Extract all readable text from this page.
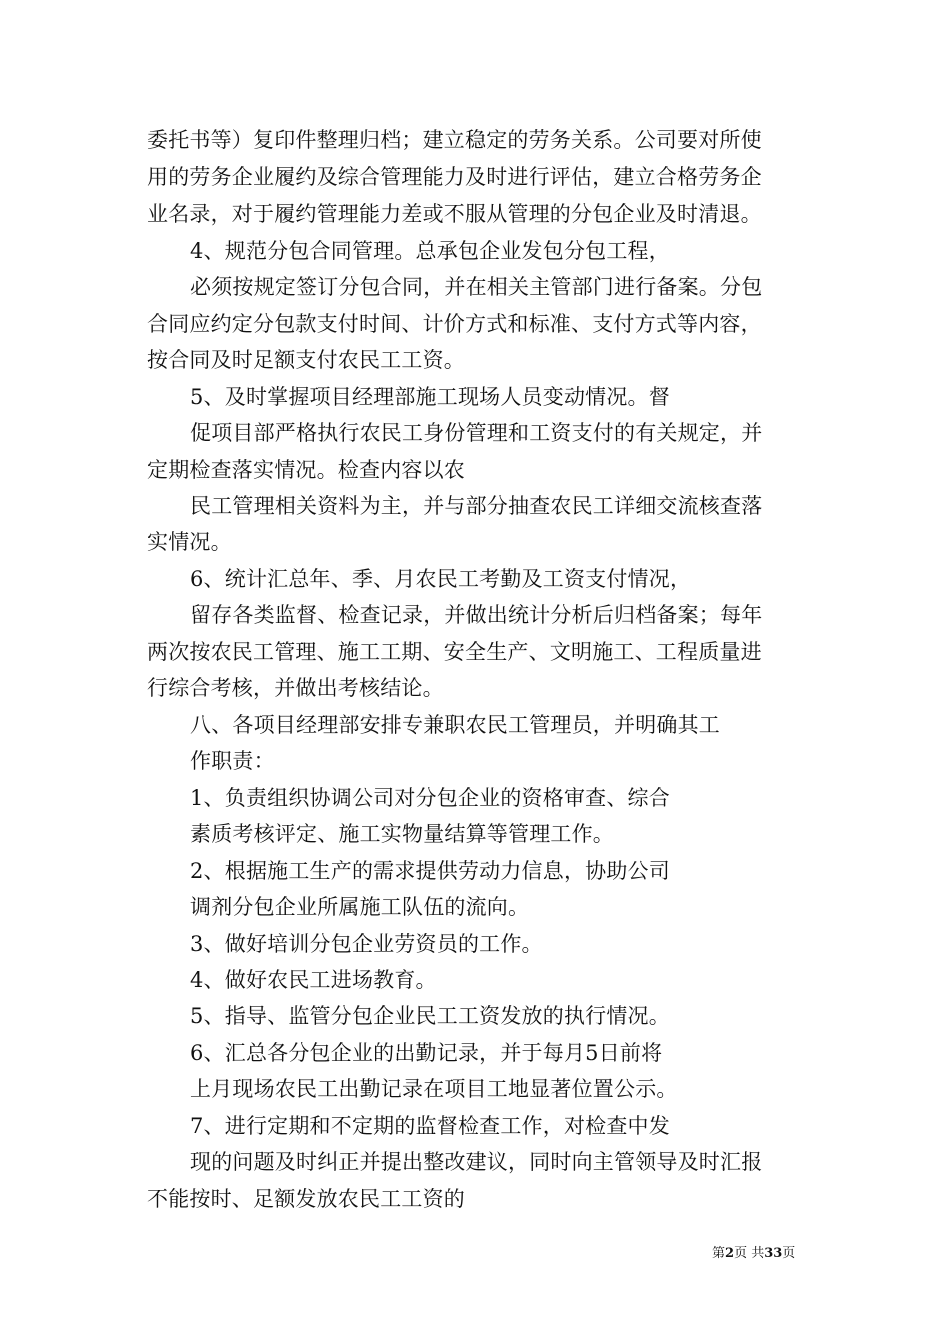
委托书等）复印件整理归档；建立稳定的劳务关系。公司要对所使
用的劳务企业履约及综合管理能力及时进行评估，建立合格劳务企
业名录，对于履约管理能力差或不服从管理的分包企业及时清退。
4、规范分包合同管理。总承包企业发包分包工程，
必须按规定签订分包合同，并在相关主管部门进行备案。分包
合同应约定分包款支付时间、计价方式和标准、支付方式等内容，
按合同及时足额支付农民工工资。
5、及时掌握项目经理部施工现场人员变动情况。督
促项目部严格执行农民工身份管理和工资支付的有关规定，并
定期检查落实情况。检查内容以农
民工管理相关资料为主，并与部分抽查农民工详细交流核查落
实情况。
6、统计汇总年、季、月农民工考勤及工资支付情况，
留存各类监督、检查记录，并做出统计分析后归档备案；每年
两次按农民工管理、施工工期、安全生产、文明施工、工程质量进
行综合考核，并做出考核结论。
八、各项目经理部安排专兼职农民工管理员，并明确其工
作职责：
1、负责组织协调公司对分包企业的资格审查、综合
素质考核评定、施工实物量结算等管理工作。
2、根据施工生产的需求提供劳动力信息，协助公司
调剂分包企业所属施工队伍的流向。
3、做好培训分包企业劳资员的工作。
4、做好农民工进场教育。
5、指导、监管分包企业民工工资发放的执行情况。
6、汇总各分包企业的出勤记录，并于每月5日前将
上月现场农民工出勤记录在项目工地显著位置公示。
7、进行定期和不定期的监督检查工作，对检查中发
现的问题及时纠正并提出整改建议，同时向主管领导及时汇报
不能按时、足额发放农民工工资的
第2页 共33页
